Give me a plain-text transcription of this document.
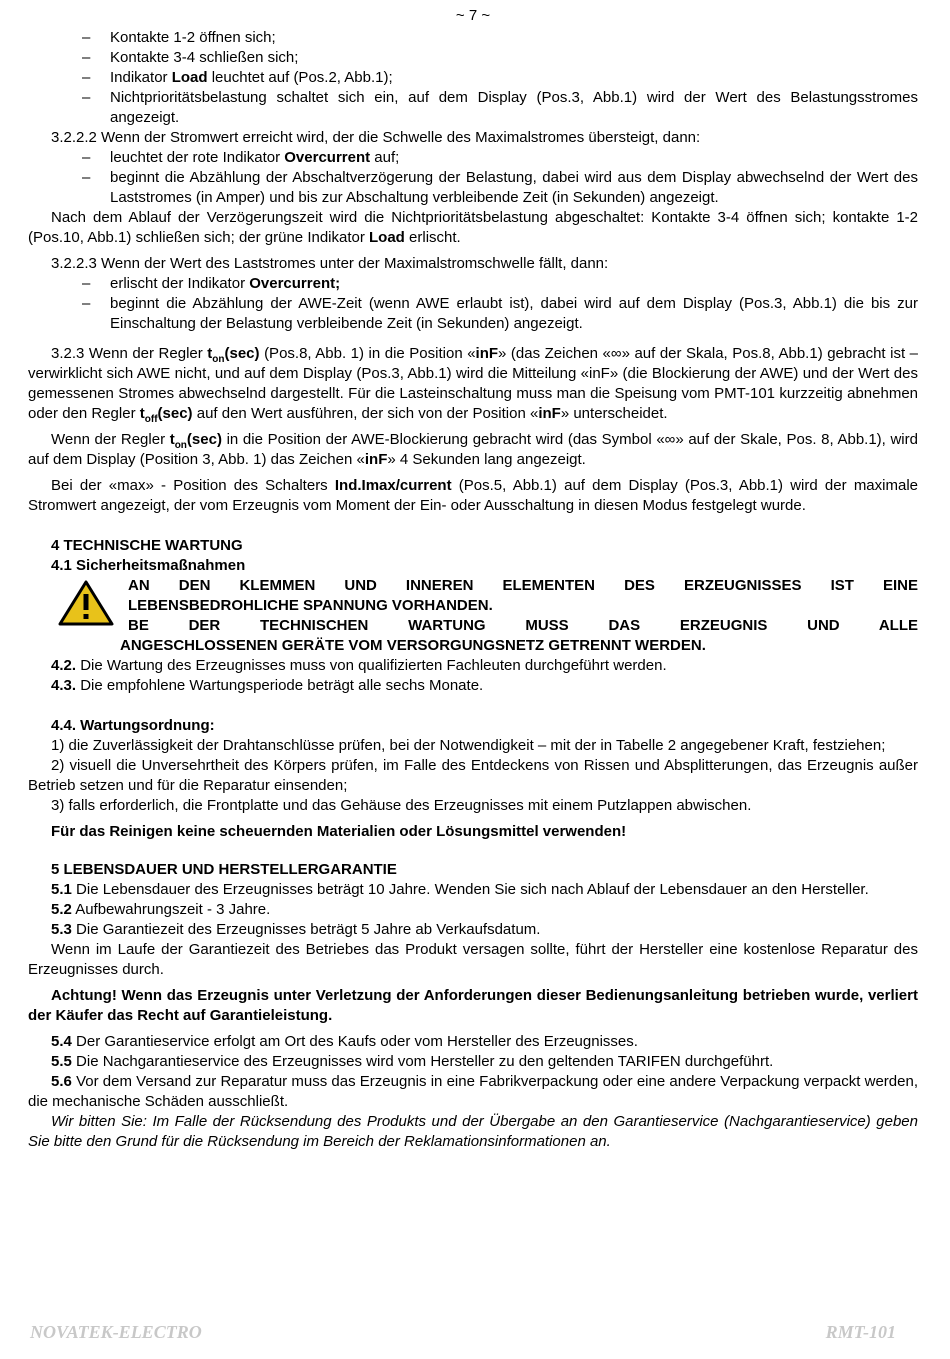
~ 7 ~
– Kontakte 1-2 öffnen sich;
– Kontakte 3-4 schließen sich;
– Indikator Load leuchtet auf (Pos.2, Abb.1);
– Nichtprioritätsbelastung schaltet sich ein, auf dem Display (Pos.3, Abb.1) wird der Wert des Belastungsstromes angezeigt.

3.2.2.2 Wenn der Stromwert erreicht wird, der die Schwelle des Maximalstromes übersteigt, dann:

– leuchtet der rote Indikator Overcurrent auf;
– beginnt die Abzählung der Abschaltverzögerung der Belastung, dabei wird aus dem Display abwechselnd der Wert des Laststromes (in Amper) und bis zur Abschaltung verbleibende Zeit (in Sekunden) angezeigt.

Nach dem Ablauf der Verzögerungszeit wird die Nichtprioritätsbelastung abgeschaltet: Kontakte 3-4 öffnen sich; kontakte 1-2 (Pos.10, Abb.1) schließen sich; der grüne Indikator Load erlischt.

3.2.2.3 Wenn der Wert des Laststromes unter der Maximalstromschwelle fällt, dann:

– erlischt der Indikator Overcurrent;
– beginnt die Abzählung der AWE-Zeit (wenn AWE erlaubt ist), dabei wird auf dem Display (Pos.3, Abb.1) die bis zur Einschaltung der Belastung verbleibende Zeit (in Sekunden) angezeigt.

3.2.3 Wenn der Regler $t_{on}(\sec)$ (Pos.8, Abb. 1) in die Position «inF» (das Zeichen «∞» auf der Skala, Pos.8, Abb.1) gebracht ist – verwirklicht sich AWE nicht, und auf dem Display (Pos.3, Abb.1) wird die Mitteilung «inF» (die Blockierung der AWE) und der Wert des gemessenen Stromes abwechselnd dargestellt. Für die Lasteinschaltung muss man die Speisung vom PMT-101 kurzzeitig abnehmen oder den Regler $t_{off}(\sec)$ auf den Wert ausführen, der sich von der Position «inF» unterscheidet.

Wenn der Regler $t_{on}(\sec)$ in die Position der AWE-Blockierung gebracht wird (das Symbol «∞» auf der Skale, Pos. 8, Abb.1), wird auf dem Display (Position 3, Abb. 1) das Zeichen «inF» 4 Sekunden lang angezeigt.

Bei der «max» - Position des Schalters Ind.Imax/current (Pos.5, Abb.1) auf dem Display (Pos.3, Abb.1) wird der maximale Stromwert angezeigt, der vom Erzeugnis vom Moment der Ein- oder Ausschaltung in diesen Modus festgelegt wurde.

4 TECHNISCHE WARTUNG
4.1 Sicherheitsmaßnahmen
AN DEN KLEMMEN UND INNEREN ELEMENTEN DES ERZEUGNISSES IST EINE
LEBENSBEDROHLICHE SPANNUNG VORHANDEN.
BE DER TECHNISCHEN WARTUNG MUSS DAS ERZEUGNIS UND ALLE
ANGESCHLOSSENEN GERÄTE VOM VERSORGUNGSNETZ GETRENNT WERDEN.

4.2. Die Wartung des Erzeugnisses muss von qualifizierten Fachleuten durchgeführt werden.

4.3. Die empfohlene Wartungsperiode beträgt alle sechs Monate.

4.4. Wartungsordnung:

1) die Zuverlässigkeit der Drahtanschlüsse prüfen, bei der Notwendigkeit – mit der in Tabelle 2 angegebener Kraft, festziehen;

2) visuell die Unversehrtheit des Körpers prüfen, im Falle des Entdeckens von Rissen und Absplitterungen, das Erzeugnis außer Betrieb setzen und für die Reparatur einsenden;

3) falls erforderlich, die Frontplatte und das Gehäuse des Erzeugnisses mit einem Putzlappen abwischen.

Für das Reinigen keine scheuernden Materialien oder Lösungsmittel verwenden!

5 LEBENSDAUER UND HERSTELLERGARANTIE

5.1 Die Lebensdauer des Erzeugnisses beträgt 10 Jahre. Wenden Sie sich nach Ablauf der Lebensdauer an den Hersteller.

5.2 Aufbewahrungszeit - 3 Jahre.

5.3 Die Garantiezeit des Erzeugnisses beträgt 5 Jahre ab Verkaufsdatum.

Wenn im Laufe der Garantiezeit des Betriebes das Produkt versagen sollte, führt der Hersteller eine kostenlose Reparatur des Erzeugnisses durch.

Achtung! Wenn das Erzeugnis unter Verletzung der Anforderungen dieser Bedienungsanleitung betrieben wurde, verliert der Käufer das Recht auf Garantieleistung.

5.4 Der Garantieservice erfolgt am Ort des Kaufs oder vom Hersteller des Erzeugnisses.

5.5 Die Nachgarantieservice des Erzeugnisses wird vom Hersteller zu den geltenden TARIFEN durchgeführt.

5.6 Vor dem Versand zur Reparatur muss das Erzeugnis in eine Fabrikverpackung oder eine andere Verpackung verpackt werden, die mechanische Schäden ausschließt.

Wir bitten Sie: Im Falle der Rücksendung des Produkts und der Übergabe an den Garantieservice (Nachgarantieservice) geben Sie bitte den Grund für die Rücksendung im Bereich der Reklamationsinformationen an.

NOVATEK-ELECTRO	RMT-101
